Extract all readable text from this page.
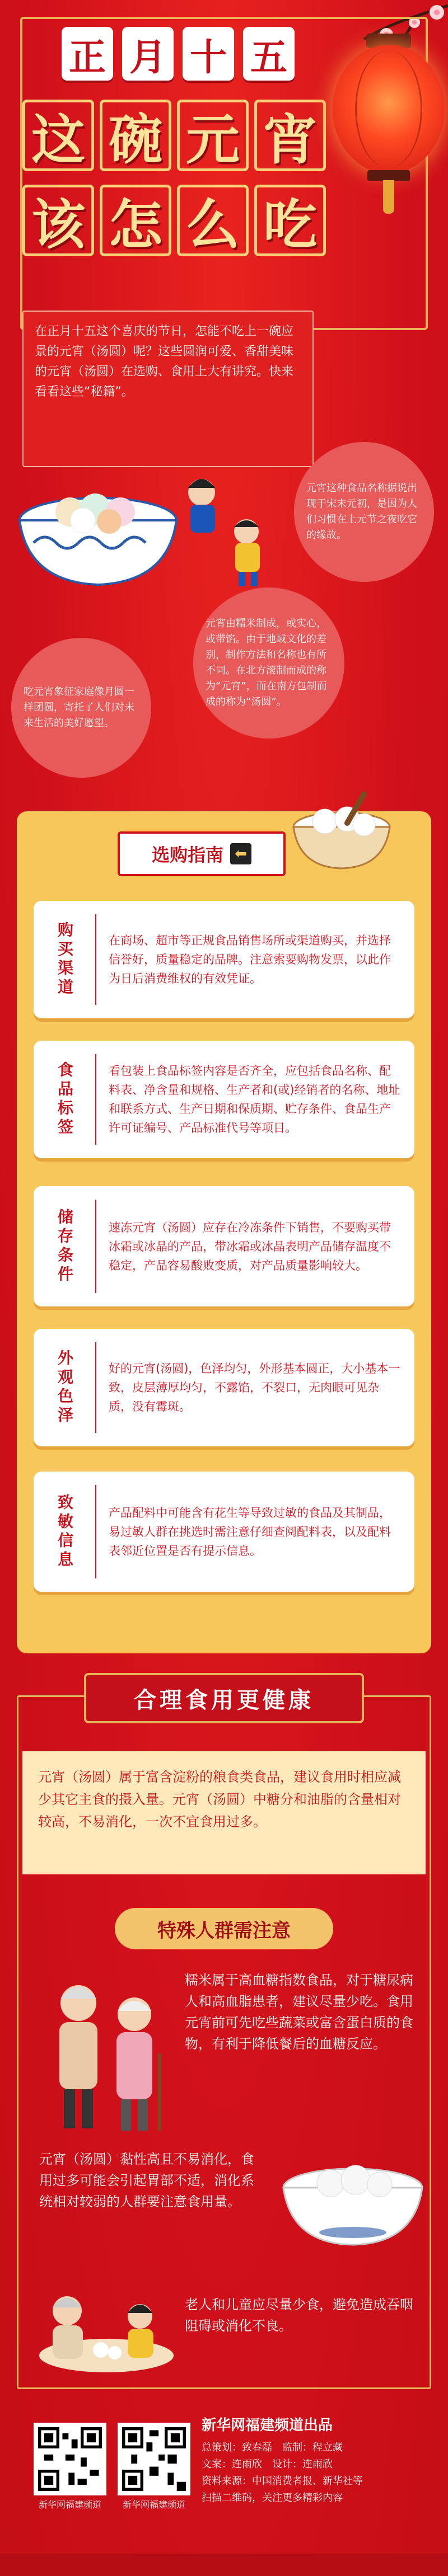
正 月 十 五
这 碗 元 宵
该 怎 么 吃
在正月十五这个喜庆的节日，怎能不吃上一碗应景的元宵（汤圆）呢？这些圆润可爱、香甜美味的元宵（汤圆）在选购、食用上大有讲究。快来看看这些“秘籍”。
元宵这种食品名称据说出现于宋末元初，是因为人们习惯在上元节之夜吃它的缘故。
元宵由糯米制成，或实心，或带馅。由于地域文化的差别，制作方法和名称也有所不同。在北方滚制而成的称为“元宵”，而在南方包制而成的称为“汤圆”。
吃元宵象征家庭像月圆一样团圆，寄托了人们对未来生活的美好愿望。
选购指南 ⬅
购买渠道	在商场、超市等正规食品销售场所或渠道购买，并选择信誉好，质量稳定的品牌。注意索要购物发票，以此作为日后消费维权的有效凭证。
食品标签	看包装上食品标签内容是否齐全，应包括食品名称、配料表、净含量和规格、生产者和(或)经销者的名称、地址和联系方式、生产日期和保质期、贮存条件、食品生产许可证编号、产品标准代号等项目。
储存条件	速冻元宵（汤圆）应存在冷冻条件下销售，不要购买带冰霜或冰晶的产品，带冰霜或冰晶表明产品储存温度不稳定，产品容易酸败变质，对产品质量影响较大。
外观色泽	好的元宵(汤圆)，色泽均匀，外形基本圆正，大小基本一致，皮层薄厚均匀，不露馅，不裂口，无肉眼可见杂质，没有霉斑。
致敏信息	产品配料中可能含有花生等导致过敏的食品及其制品，易过敏人群在挑选时需注意仔细查阅配料表，以及配料表邻近位置是否有提示信息。
合理食用更健康
元宵（汤圆）属于富含淀粉的粮食类食品，建议食用时相应减少其它主食的摄入量。元宵（汤圆）中糖分和油脂的含量相对较高，不易消化，一次不宜食用过多。
特殊人群需注意
糯米属于高血糖指数食品，对于糖尿病人和高血脂患者，建议尽量少吃。食用元宵前可先吃些蔬菜或富含蛋白质的食物，有利于降低餐后的血糖反应。
元宵（汤圆）黏性高且不易消化，食用过多可能会引起胃部不适，消化系统相对较弱的人群要注意食用量。
老人和儿童应尽量少食，避免造成吞咽阻碍或消化不良。
新华网福建频道	新华网福建频道
新华网福建频道出品
总策划：致春磊　监制：程立藏
文案：连雨欣　设计：连雨欣
资料来源：中国消费者报、新华社等
扫描二维码，关注更多精彩内容
